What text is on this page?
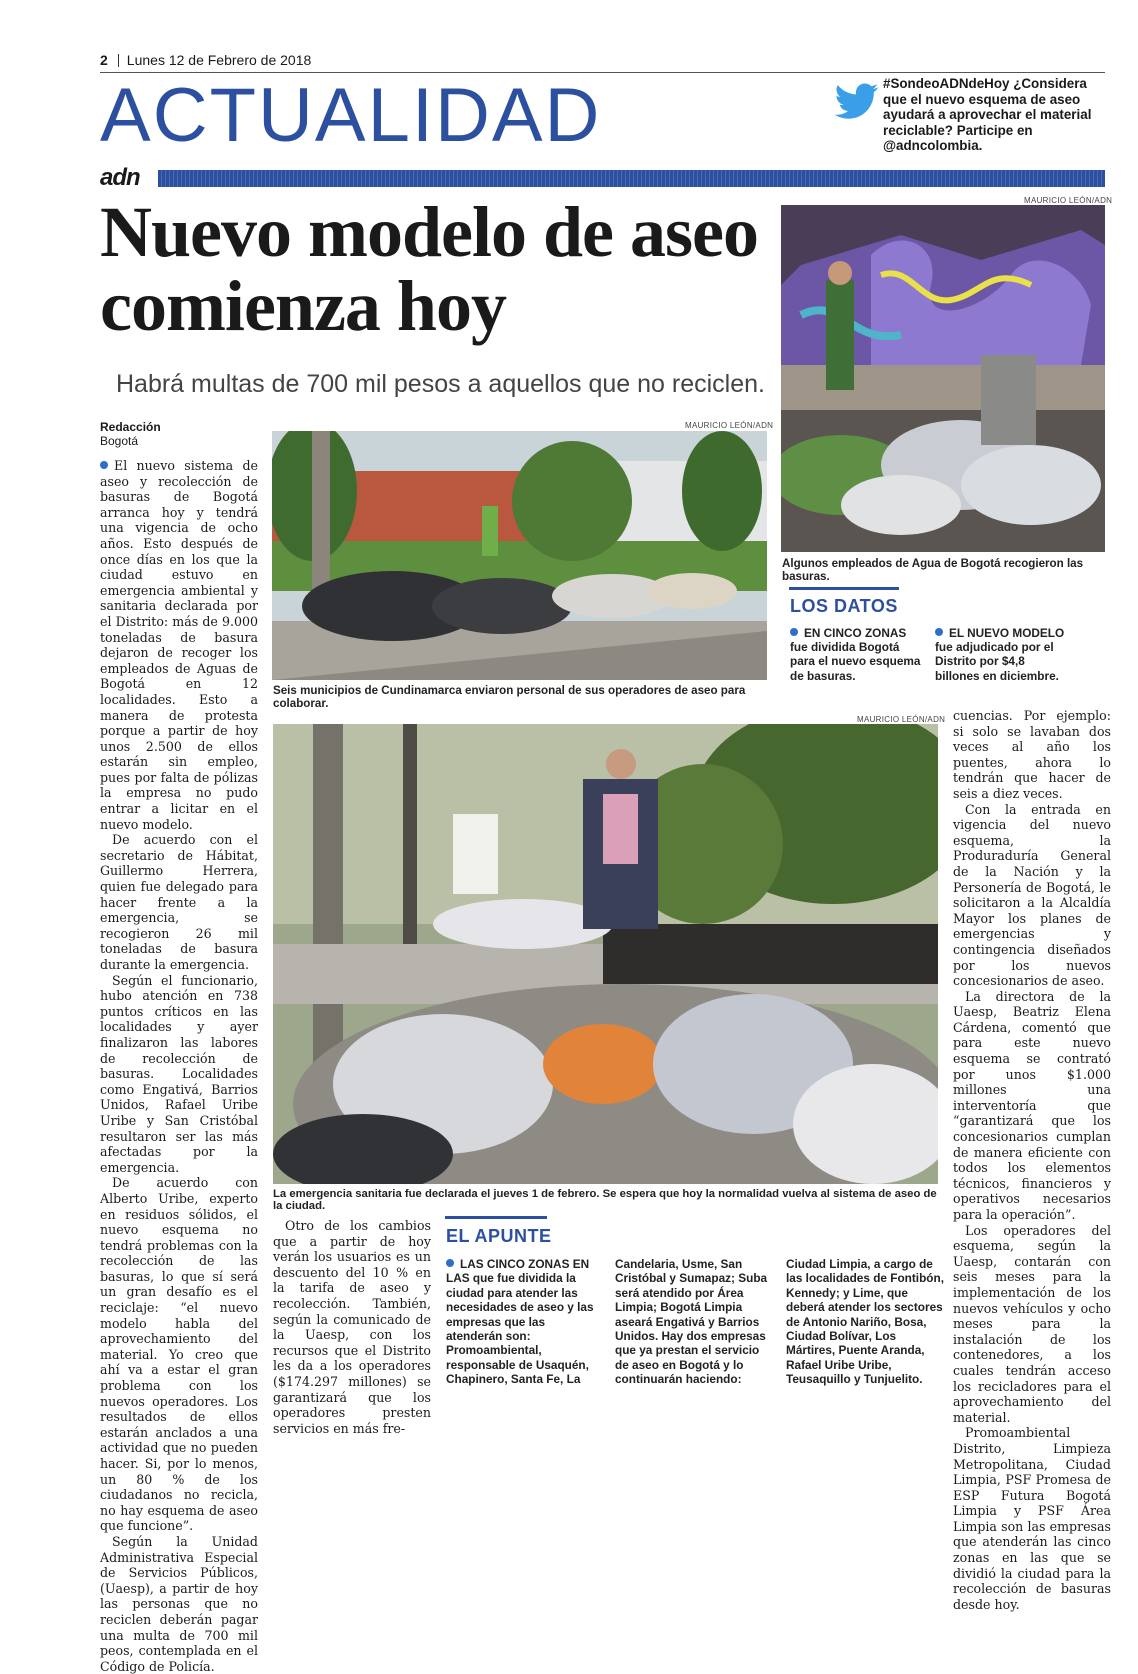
2 Lunes 12 de Febrero de 2018
ACTUALIDAD	#SondeoADNdeHoy ¿Considera que el nuevo esquema de aseo ayudará a aprovechar el material reciclable? Participe en @adncolombia.
adn
Nuevo modelo de aseo comienza hoy
Habrá multas de 700 mil pesos a aquellos que no reciclen.
Redacción
Bogotá
MAURICIO LEÓN/ADN
Algunos empleados de Agua de Bogotá recogieron las basuras.
LOS DATOS
EN CINCO ZONAS
fue dividida Bogotá para el nuevo esquema de basuras.
EL NUEVO MODELO
fue adjudicado por el Distrito por $4,8 billones en diciembre.
MAURICIO LEÓN/ADN
Seis municipios de Cundinamarca enviaron personal de sus operadores de aseo para colaborar.
MAURICIO LEÓN/ADN
La emergencia sanitaria fue declarada el jueves 1 de febrero. Se espera que hoy la normalidad vuelva al sistema de aseo de la ciudad.

El nuevo sistema de aseo y recolección de basuras de Bogotá arranca hoy y tendrá una vigencia de ocho años. Esto después de once días en los que la ciudad estuvo en emergencia ambiental y sanitaria declarada por el Distrito: más de 9.000 toneladas de basura dejaron de recoger los empleados de Aguas de Bogotá en 12 localidades. Esto a manera de protesta porque a partir de hoy unos 2.500 de ellos estarán sin empleo, pues por falta de pólizas la empresa no pudo entrar a licitar en el nuevo modelo.

De acuerdo con el secretario de Hábitat, Guillermo Herrera, quien fue delegado para hacer frente a la emergencia, se recogieron 26 mil toneladas de basura durante la emergencia.

Según el funcionario, hubo atención en 738 puntos críticos en las localidades y ayer finalizaron las labores de recolección de basuras. Localidades como Engativá, Barrios Unidos, Rafael Uribe Uribe y San Cristóbal resultaron ser las más afectadas por la emergencia.

De acuerdo con Alberto Uribe, experto en residuos sólidos, el nuevo esquema no tendrá problemas con la recolección de las basuras, lo que sí será un gran desafío es el reciclaje: “el nuevo modelo habla del aprovechamiento del material. Yo creo que ahí va a estar el gran problema con los nuevos operadores. Los resultados de ellos estarán anclados a una actividad que no pueden hacer. Si, por lo menos, un 80 % de los ciudadanos no recicla, no hay esquema de aseo que funcione”.

Según la Unidad Administrativa Especial de Servicios Públicos, (Uaesp), a partir de hoy las personas que no reciclen deberán pagar una multa de 700 mil peos, contemplada en el Código de Policía.

Otro de los cambios que a partir de hoy verán los usuarios es un descuento del 10 % en la tarifa de aseo y recolección. También, según la comunicado de la Uaesp, con los recursos que el Distrito les da a los operadores ($174.297 millones) se garantizará que los operadores presten servicios en más fre-

cuencias. Por ejemplo: si solo se lavaban dos veces al año los puentes, ahora lo tendrán que hacer de seis a diez veces.

Con la entrada en vigencia del nuevo esquema, la Produraduría General de la Nación y la Personería de Bogotá, le solicitaron a la Alcaldía Mayor los planes de emergencias y contingencia diseñados por los nuevos concesionarios de aseo.

La directora de la Uaesp, Beatriz Elena Cárdena, comentó que para este nuevo esquema se contrató por unos $1.000 millones una interventoría que “garantizará que los concesionarios cumplan de manera eficiente con todos los elementos técnicos, financieros y operativos necesarios para la operación”.

Los operadores del esquema, según la Uaesp, contarán con seis meses para la implementación de los nuevos vehículos y ocho meses para la instalación de los contenedores, a los cuales tendrán acceso los recicladores para el aprovechamiento del material.

Promoambiental Distrito, Limpieza Metropolitana, Ciudad Limpia, PSF Promesa de ESP Futura Bogotá Limpia y PSF Área Limpia son las empresas que atenderán las cinco zonas en las que se dividió la ciudad para la recolección de basuras desde hoy.

EL APUNTE
LAS CINCO ZONAS EN LAS que fue dividida la ciudad para atender las necesidades de aseo y las empresas que las atenderán son: Promoambiental, responsable de Usaquén, Chapinero, Santa Fe, La
Candelaria, Usme, San Cristóbal y Sumapaz; Suba será atendido por Área Limpia; Bogotá Limpia aseará Engativá y Barrios Unidos. Hay dos empresas que ya prestan el servicio de aseo en Bogotá y lo continuarán haciendo:
Ciudad Limpia, a cargo de las localidades de Fontibón, Kennedy; y Lime, que deberá atender los sectores de Antonio Nariño, Bosa, Ciudad Bolívar, Los Mártires, Puente Aranda, Rafael Uribe Uribe, Teusaquillo y Tunjuelito.
